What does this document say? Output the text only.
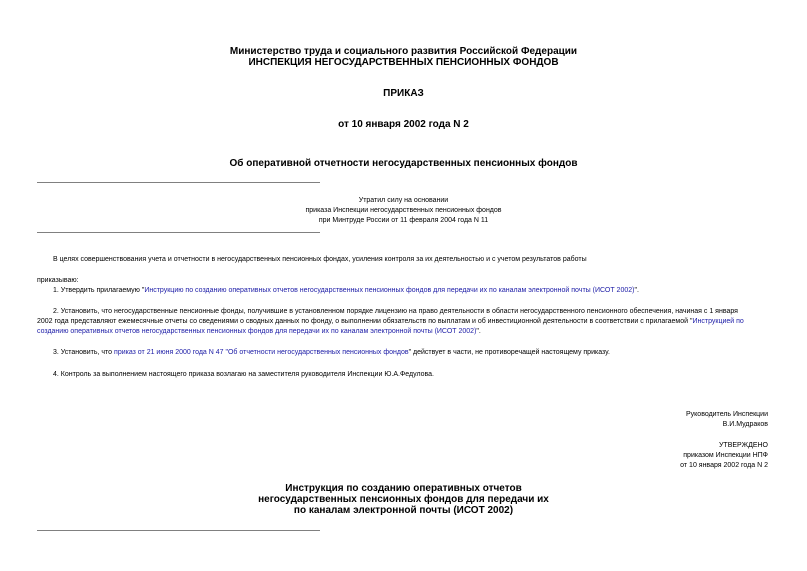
Министерство труда и социального развития Российской Федерации
ИНСПЕКЦИЯ НЕГОСУДАРСТВЕННЫХ ПЕНСИОННЫХ ФОНДОВ
ПРИКАЗ
от 10 января 2002 года N 2
Об оперативной отчетности негосударственных пенсионных фондов
Утратил силу на основании
приказа Инспекции негосударственных пенсионных фондов
при Минтруде России от 11 февраля 2004 года N 11
В целях совершенствования учета и отчетности в негосударственных пенсионных фондах, усиления контроля за их деятельностью и с учетом результатов работы
приказываю:
1. Утвердить прилагаемую "Инструкцию по созданию оперативных отчетов негосударственных пенсионных фондов для передачи их по каналам электронной почты (ИСОТ 2002)".
2. Установить, что негосударственные пенсионные фонды, получившие в установленном порядке лицензию на право деятельности в области негосударственного пенсионного обеспечения, начиная с 1 января
2002 года представляют ежемесячные отчеты со сведениями о сводных данных по фонду, о выполнении обязательств по выплатам и об инвестиционной деятельности в соответствии с прилагаемой "Инструкцией по
созданию оперативных отчетов негосударственных пенсионных фондов для передачи их по каналам электронной почты (ИСОТ 2002)".
3. Установить, что приказ от 21 июня 2000 года N 47 "Об отчетности негосударственных пенсионных фондов" действует в части, не противоречащей настоящему приказу.
4. Контроль за выполнением настоящего приказа возлагаю на заместителя руководителя Инспекции Ю.А.Федулова.
Руководитель Инспекции
В.И.Мудраков
УТВЕРЖДЕНО
приказом Инспекции НПФ
от 10 января 2002 года N 2
Инструкция по созданию оперативных отчетов
негосударственных пенсионных фондов для передачи их
по каналам электронной почты (ИСОТ 2002)
